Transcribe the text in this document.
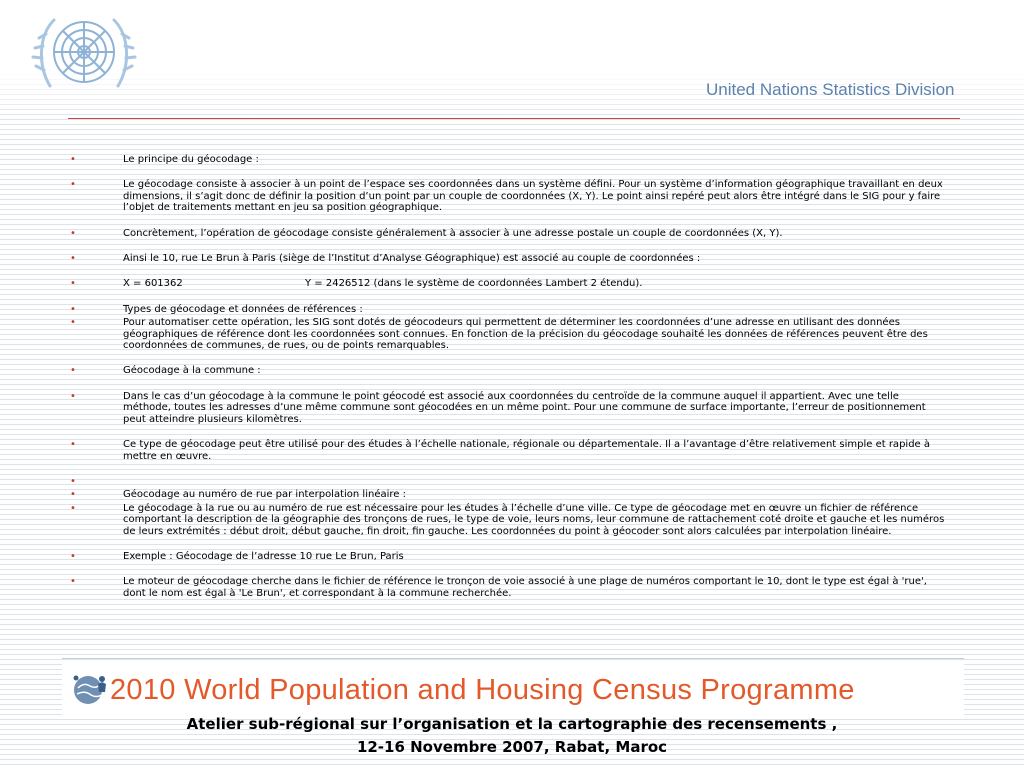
United Nations Statistics Division
•	Le principe du géocodage :
•	Le géocodage consiste à associer à un point de l’espace ses coordonnées dans un système défini. Pour un système d’information géographique travaillant en deux dimensions, il s’agit donc de définir la position d’un point par un couple de coordonnées (X, Y). Le point ainsi repéré peut alors être intégré dans le SIG pour y faire l’objet de traitements mettant en jeu sa position géographique.
•	Concrètement, l’opération de géocodage consiste généralement à associer à une adresse postale un couple de coordonnées (X, Y).
•	Ainsi le 10, rue Le Brun à Paris (siège de l’Institut d’Analyse Géographique) est associé au couple de coordonnées :
•	X = 601362	Y = 2426512 (dans le système de coordonnées Lambert 2 étendu).
•	Types de géocodage et données de références :
•	Pour automatiser cette opération, les SIG sont dotés de géocodeurs qui permettent de déterminer les coordonnées d’une adresse en utilisant des données géographiques de référence dont les coordonnées sont connues. En fonction de la précision du géocodage souhaité les données de références peuvent être des coordonnées de communes, de rues, ou de points remarquables.
•	Géocodage à la commune :
•	Dans le cas d’un géocodage à la commune le point géocodé est associé aux coordonnées du centroïde de la commune auquel il appartient. Avec une telle méthode, toutes les adresses d’une même commune sont géocodées en un même point. Pour une commune de surface importante, l’erreur de positionnement peut atteindre plusieurs kilomètres.
•	Ce type de géocodage peut être utilisé pour des études à l’échelle nationale, régionale ou départementale. Il a l’avantage d’être relativement simple et rapide à mettre en œuvre.
•

•	Géocodage au numéro de rue par interpolation linéaire :
•	Le géocodage à la rue ou au numéro de rue est nécessaire pour les études à l’échelle d’une ville. Ce type de géocodage met en œuvre un fichier de référence comportant la description de la géographie des tronçons de rues, le type de voie, leurs noms, leur commune de rattachement coté droite et gauche et les numéros de leurs extrémités : début droit, début gauche, fin droit, fin gauche. Les coordonnées du point à géocoder sont alors calculées par interpolation linéaire.
•	Exemple : Géocodage de l’adresse 10 rue Le Brun, Paris
•	Le moteur de géocodage cherche dans le fichier de référence le tronçon de voie associé à une plage de numéros comportant le 10, dont le type est égal à 'rue', dont le nom est égal à 'Le Brun', et correspondant à la commune recherchée.
2010 World Population and Housing Census Programme
Atelier sub-régional sur l’organisation et la cartographie des recensements ,
12-16 Novembre 2007, Rabat, Maroc
